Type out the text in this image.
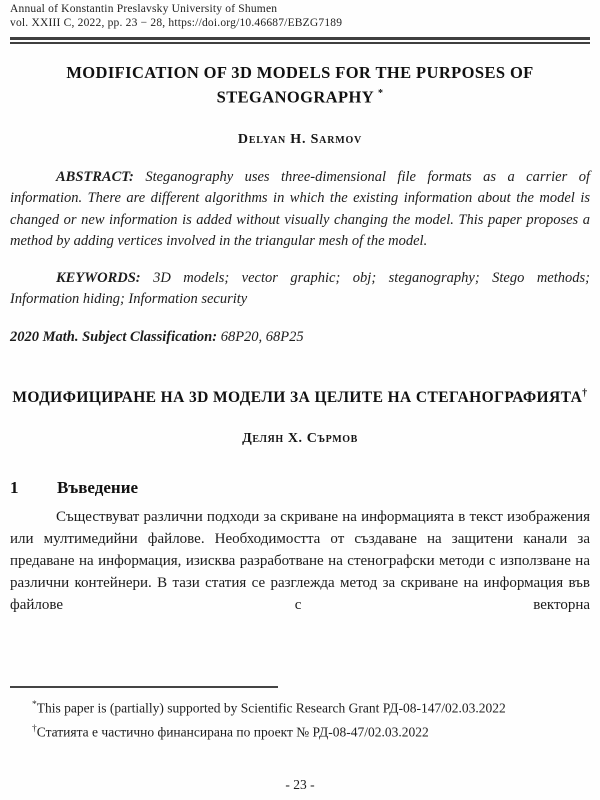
Annual of Konstantin Preslavsky University of Shumen
vol. XXIII C, 2022, pp. 23 − 28, https://doi.org/10.46687/EBZG7189
MODIFICATION OF 3D MODELS FOR THE PURPOSES OF STEGANOGRAPHY *
Delyan H. Sarmov
ABSTRACT: Steganography uses three-dimensional file formats as a carrier of information. There are different algorithms in which the existing information about the model is changed or new information is added without visually changing the model. This paper proposes a method by adding vertices involved in the triangular mesh of the model.
KEYWORDS: 3D models; vector graphic; obj; steganography; Stego methods; Information hiding; Information security
2020 Math. Subject Classification: 68P20, 68P25
МОДИФИЦИРАНЕ НА 3D МОДЕЛИ ЗА ЦЕЛИТЕ НА СТЕГАНОГРАФИЯТА†
Делян Х. Сърмов
1	Въведение
Съществуват различни подходи за скриване на информацията в текст изображения или мултимедийни файлове. Необходимостта от създаване на защитени канали за предаване на информация, изисква разработване на стенографски методи с използване на различни контейнери. В тази статия се разглежда метод за скриване на информация във файлове с векторна
*This paper is (partially) supported by Scientific Research Grant РД-08-147/02.03.2022
†Статията е частично финансирана по проект № РД-08-47/02.03.2022
- 23 -
